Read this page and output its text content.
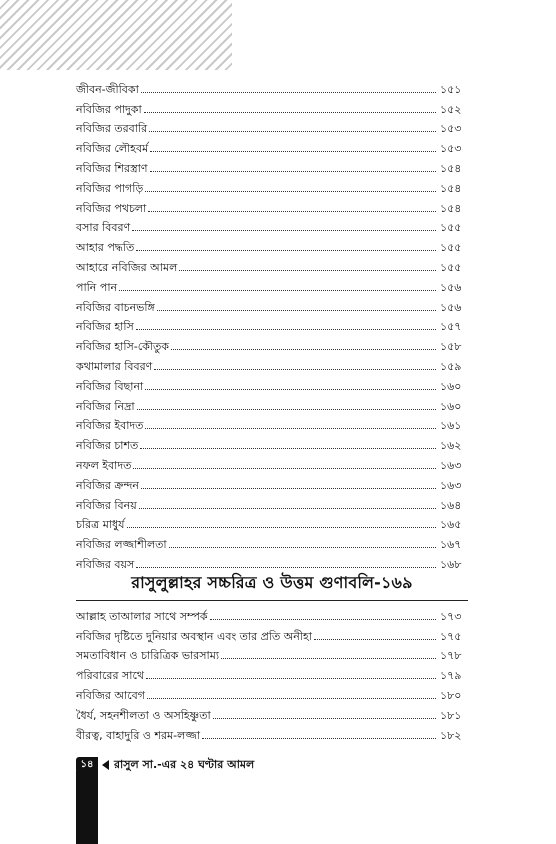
জীবন-জীবিকা	১৫১
নবিজির পাদুকা	১৫২
নবিজির তরবারি	১৫৩
নবিজির লৌহবর্ম	১৫৩
নবিজির শিরস্ত্রাণ	১৫৪
নবিজির পাগড়ি	১৫৪
নবিজির পথচলা	১৫৪
বসার বিবরণ	১৫৫
আহার পদ্ধতি	১৫৫
আহারে নবিজির আমল	১৫৫
পানি পান	১৫৬
নবিজির বাচনভঙ্গি	১৫৬
নবিজির হাসি	১৫৭
নবিজির হাসি-কৌতুক	১৫৮
কথামালার বিবরণ	১৫৯
নবিজির বিছানা	১৬০
নবিজির নিদ্রা	১৬০
নবিজির ইবাদত	১৬১
নবিজির চাশত	১৬২
নফল ইবাদত	১৬৩
নবিজির ক্রন্দন	১৬৩
নবিজির বিনয়	১৬৪
চরিত্র মাধুর্য	১৬৫
নবিজির লজ্জাশীলতা	১৬৭
নবিজির বয়স	১৬৮
রাসুলুল্লাহর সচ্চরিত্র ও উত্তম গুণাবলি-১৬৯
আল্লাহ তাআলার সাথে সম্পর্ক	১৭৩
নবিজির দৃষ্টিতে দুনিয়ার অবস্থান এবং তার প্রতি অনীহা	১৭৫
সমতাবিধান ও চারিত্রিক ভারসাম্য	১৭৮
পরিবারের সাথে	১৭৯
নবিজির আবেগ	১৮০
ধৈর্য, সহনশীলতা ও অসহিষ্ণুতা	১৮১
বীরত্ব, বাহাদুরি ও শরম-লজ্জা	১৮২
১৪	রাসুল সা.-এর ২৪ ঘণ্টার আমল
